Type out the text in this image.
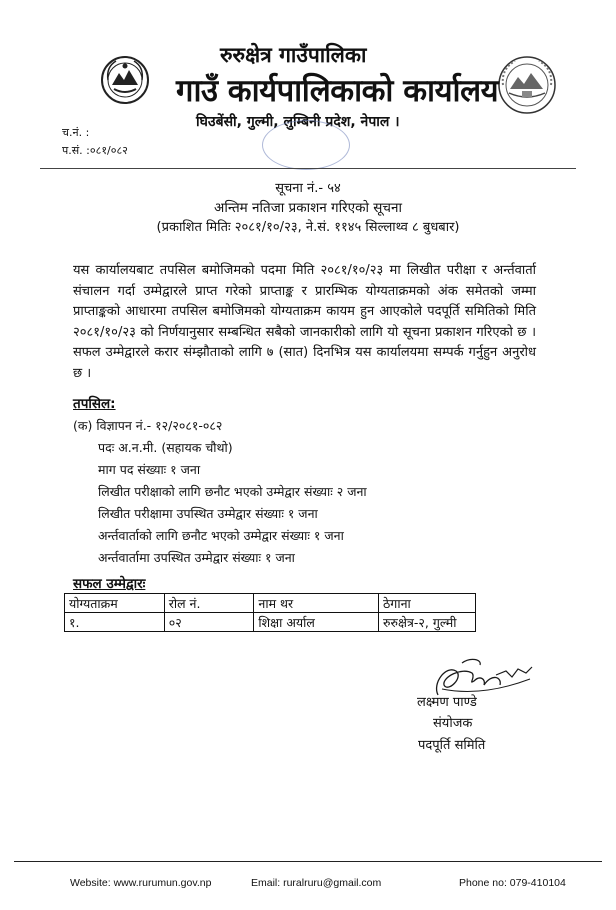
रुरुक्षेत्र गाउँपालिका
गाउँ कार्यपालिकाको कार्यालय
घिउबेंसी, गुल्मी, लुम्बिनी प्रदेश, नेपाल ।
च.नं. :
प.सं. :०८१/०८२
सूचना नं.- ५४
अन्तिम नतिजा प्रकाशन गरिएको सूचना
(प्रकाशित मितिः २०८१/१०/२३, ने.सं. ११४५ सिल्लाथ्व ८ बुधबार)
यस कार्यालयबाट तपसिल बमोजिमको पदमा मिति २०८१/१०/२३ मा लिखीत परीक्षा र अर्न्तवार्ता संचालन गर्दा उम्मेद्वारले प्राप्त गरेको प्राप्ताङ्क र प्रारम्भिक योग्यताक्रमको अंक समेतको जम्मा प्राप्ताङ्कको आधारमा तपसिल बमोजिमको योग्यताक्रम कायम हुन आएकोले पदपूर्ति समितिको मिति २०८१/१०/२३ को निर्णयानुसार सम्बन्धित सबैको जानकारीको लागि यो सूचना प्रकाशन गरिएको छ । सफल उम्मेद्वारले करार संम्झौताको लागि ७ (सात) दिनभित्र यस कार्यालयमा सम्पर्क गर्नुहुन अनुरोध छ ।
तपसिल:
(क) विज्ञापन नं.- १२/२०८१-०८२
पदः अ.न.मी. (सहायक चौथो)
माग पद संख्याः १ जना
लिखीत परीक्षाको लागि छनौट भएको उम्मेद्वार संख्याः २ जना
लिखीत परीक्षामा उपस्थित उम्मेद्वार संख्याः १ जना
अर्न्तवार्ताको लागि छनौट भएको उम्मेद्वार संख्याः १ जना
अर्न्तवार्तामा उपस्थित उम्मेद्वार संख्याः १ जना
सफल उम्मेद्वारः
योग्यताक्रम	रोल नं.	नाम थर	ठेगाना
१.	०२	शिक्षा अर्याल	रुरुक्षेत्र-२, गुल्मी
लक्ष्मण पाण्डे
संयोजक
पदपूर्ति समिति
Website: www.rurumun.gov.np	Email: ruralruru@gmail.com	Phone no: 079-410104
